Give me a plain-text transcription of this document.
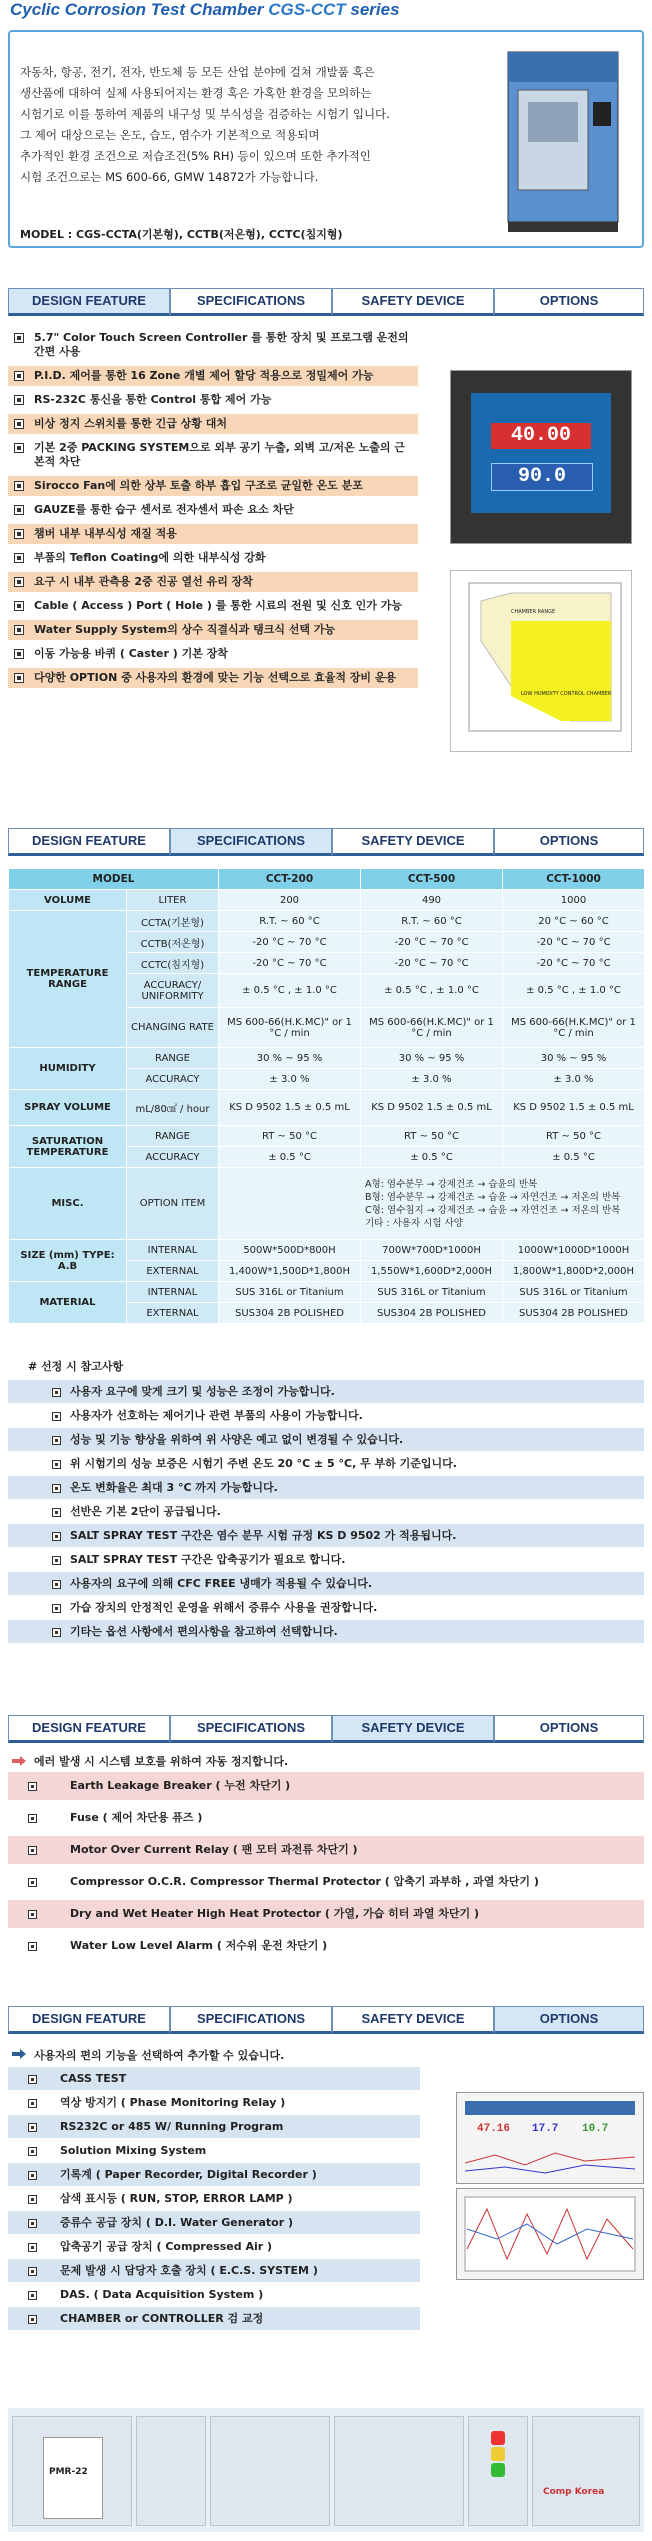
Cyclic Corrosion Test Chamber CGS-CCT series
자동차, 항공, 전기, 전자, 반도체 등 모든 산업 분야에 걸쳐 개발품 혹은
생산품에 대하여 실제 사용되어지는 환경 혹은 가혹한 환경을 모의하는
시험기로 이를 통하여 제품의 내구성 및 부식성을 검증하는 시험기 입니다.
그 제어 대상으로는 온도, 습도, 염수가 기본적으로 적용되며
추가적인 환경 조건으로 저습조건(5% RH) 등이 있으며 또한 추가적인
시험 조건으로는 MS 600-66, GMW 14872가 가능합니다.
MODEL : CGS-CCTA(기본형), CCTB(저온형), CCTC(침지형)
DESIGN FEATURE	SPECIFICATIONS	SAFETY DEVICE	OPTIONS
5.7" Color Touch Screen Controller 를 통한 장치 및 프로그램 운전의 간편 사용
P.I.D. 제어를 통한 16 Zone 개별 제어 할당 적용으로 정밀제어 가능
RS-232C 통신을 통한 Control 통합 제어 가능
비상 정지 스위치를 통한 긴급 상황 대처
기본 2중 PACKING SYSTEM으로 외부 공기 누출, 외벽 고/저온 노출의 근본적 차단
Sirocco Fan에 의한 상부 토출 하부 흡입 구조로 균일한 온도 분포
GAUZE를 통한 습구 센서로 전자센서 파손 요소 차단
챔버 내부 내부식성 재질 적용
부품의 Teflon Coating에 의한 내부식성 강화
요구 시 내부 관측용 2중 진공 열선 유리 장착
Cable ( Access ) Port ( Hole ) 를 통한 시료의 전원 및 신호 인가 가능
Water Supply System의 상수 직결식과 탱크식 선택 가능
이동 가능용 바퀴 ( Caster ) 기본 장착
다양한 OPTION 중 사용자의 환경에 맞는 기능 선택으로 효율적 장비 운용
40.00
90.0
CHAMBER RANGE
LOW HUMIDITY CONTROL CHAMBER
DESIGN FEATURE	SPECIFICATIONS	SAFETY DEVICE	OPTIONS
MODEL		CCT-200	CCT-500	CCT-1000
VOLUME	LITER	200	490	1000
TEMPERATURE RANGE	CCTA(기본형)	R.T. ~ 60 °C	R.T. ~ 60 °C	20 °C ~ 60 °C
	CCTB(저온형)	-20 °C ~ 70 °C	-20 °C ~ 70 °C	-20 °C ~ 70 °C
	CCTC(침지형)	-20 °C ~ 70 °C	-20 °C ~ 70 °C	-20 °C ~ 70 °C
	ACCURACY/ UNIFORMITY	± 0.5 °C , ± 1.0 °C	± 0.5 °C , ± 1.0 °C	± 0.5 °C , ± 1.0 °C
	CHANGING RATE	MS 600-66(H.K.MC)" or 1 °C / min	MS 600-66(H.K.MC)" or 1 °C / min	MS 600-66(H.K.MC)" or 1 °C / min
HUMIDITY	RANGE	30 % ~ 95 %	30 % ~ 95 %	30 % ~ 95 %
	ACCURACY	± 3.0 %	± 3.0 %	± 3.0 %
SPRAY VOLUME	mL/80㎠ / hour	KS D 9502 1.5 ± 0.5 mL	KS D 9502 1.5 ± 0.5 mL	KS D 9502 1.5 ± 0.5 mL
SATURATION TEMPERATURE	RANGE	RT ~ 50 °C	RT ~ 50 °C	RT ~ 50 °C
	ACCURACY	± 0.5 °C	± 0.5 °C	± 0.5 °C
MISC.	OPTION ITEM	A형: 염수분무 → 강제건조 → 습윤의 반복
B형: 염수분무 → 강제건조 → 습윤 → 자연건조 → 저온의 반복
C형: 염수침지 → 강제건조 → 습윤 → 자연건조 → 저온의 반복
기타 : 사용자 시험 사양		

SIZE (mm) TYPE: A.B	INTERNAL	500W*500D*800H	700W*700D*1000H	1000W*1000D*1000H
	EXTERNAL	1,400W*1,500D*1,800H	1,550W*1,600D*2,000H	1,800W*1,800D*2,000H
MATERIAL	INTERNAL	SUS 316L or Titanium	SUS 316L or Titanium	SUS 316L or Titanium
	EXTERNAL	SUS304 2B POLISHED	SUS304 2B POLISHED	SUS304 2B POLISHED
# 선정 시 참고사항
사용자 요구에 맞게 크기 및 성능은 조정이 가능합니다.
사용자가 선호하는 제어기나 관련 부품의 사용이 가능합니다.
성능 및 기능 향상을 위하여 위 사양은 예고 없이 변경될 수 있습니다.
위 시험기의 성능 보증은 시험기 주변 온도 20 °C ± 5 °C, 무 부하 기준입니다.
온도 변화율은 최대 3 °C 까지 가능합니다.
선반은 기본 2단이 공급됩니다.
SALT SPRAY TEST 구간은 염수 분무 시험 규정 KS D 9502 가 적용됩니다.
SALT SPRAY TEST 구간은 압축공기가 필요로 합니다.
사용자의 요구에 의해 CFC FREE 냉매가 적용될 수 있습니다.
가습 장치의 안정적인 운영을 위해서 증류수 사용을 권장합니다.
기타는 옵션 사항에서 편의사항을 참고하여 선택합니다.
DESIGN FEATURE	SPECIFICATIONS	SAFETY DEVICE	OPTIONS
에러 발생 시 시스템 보호를 위하여 자동 정지합니다.
Earth Leakage Breaker ( 누전 차단기 )
Fuse ( 제어 차단용 퓨즈 )
Motor Over Current Relay ( 팬 모터 과전류 차단기 )
Compressor O.C.R. Compressor Thermal Protector ( 압축기 과부하 , 과열 차단기 )
Dry and Wet Heater High Heat Protector ( 가열, 가습 히터 과열 차단기 )
Water Low Level Alarm ( 저수위 운전 차단기 )
DESIGN FEATURE	SPECIFICATIONS	SAFETY DEVICE	OPTIONS
사용자의 편의 기능을 선택하여 추가할 수 있습니다.
CASS TEST
역상 방지기 ( Phase Monitoring Relay )
RS232C or 485 W/ Running Program
Solution Mixing System
기록계 ( Paper Recorder, Digital Recorder )
삼색 표시등 ( RUN, STOP, ERROR LAMP )
증류수 공급 장치 ( D.I. Water Generator )
압축공기 공급 장치 ( Compressed Air )
문제 발생 시 담당자 호출 장치 ( E.C.S. SYSTEM )
DAS. ( Data Acquisition System )
CHAMBER or CONTROLLER 검 교정
47.16 17.7 10.7
PMR-22
Comp Korea
